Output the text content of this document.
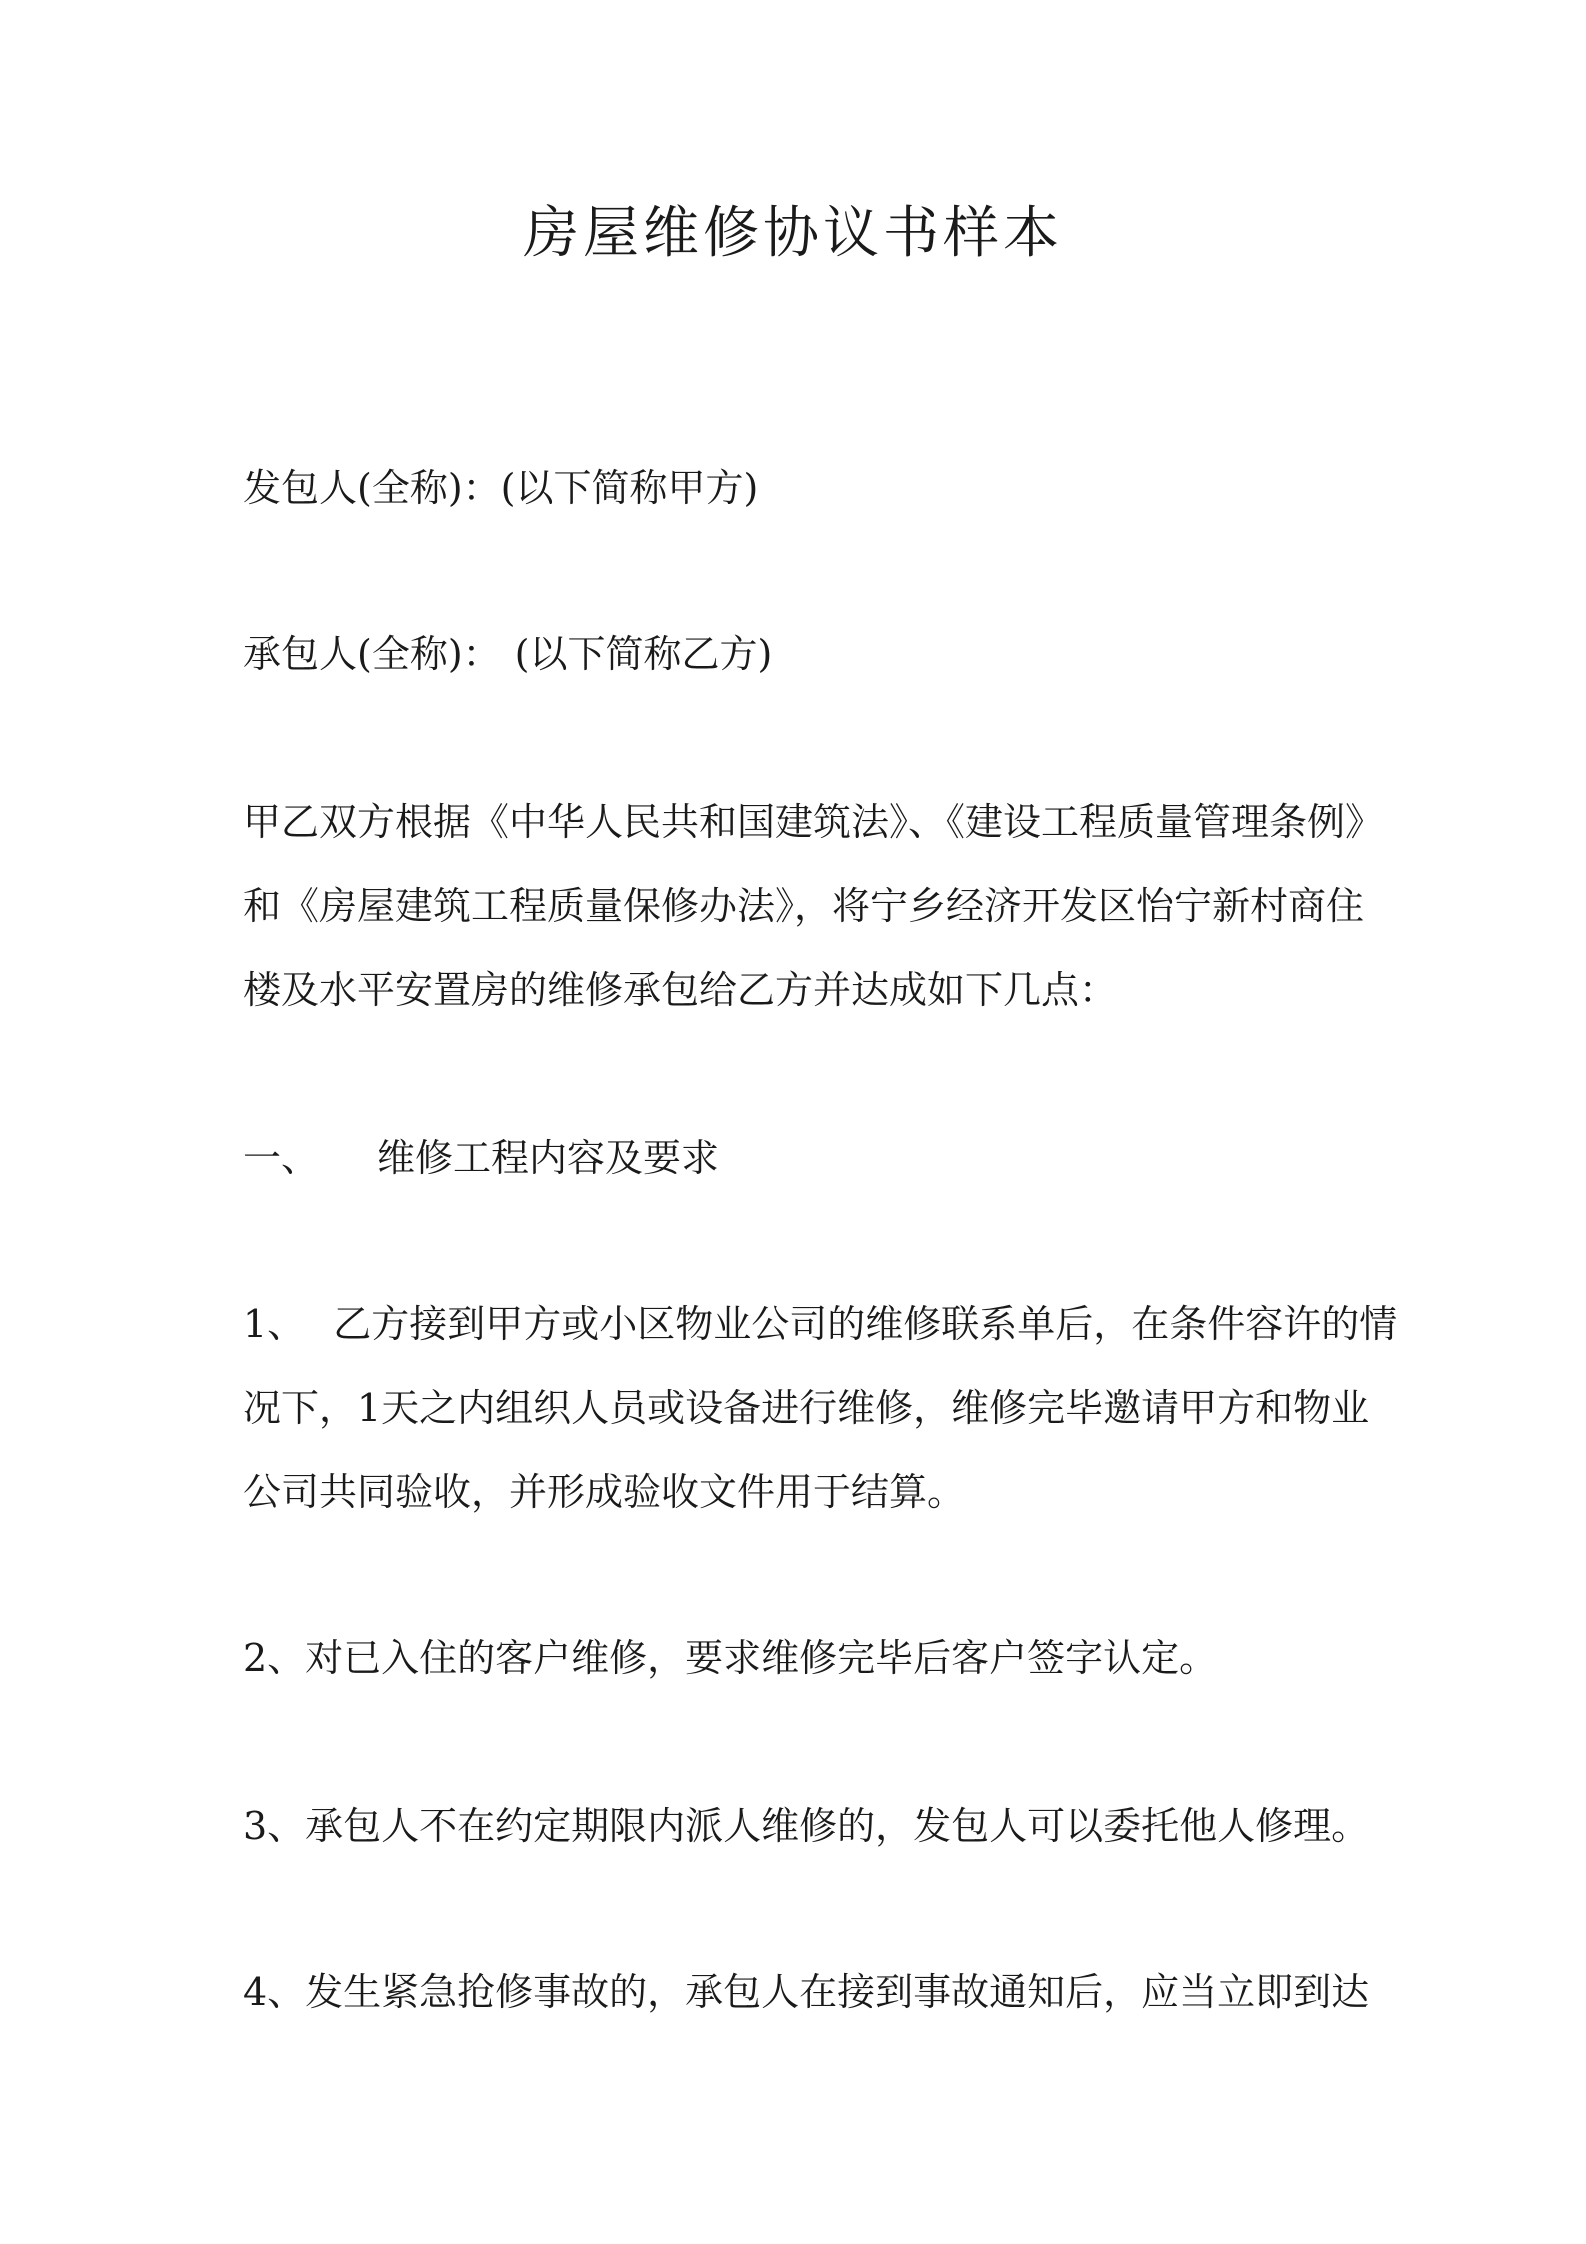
房屋维修协议书样本

发包人(全称)：(以下简称甲方)

承包人(全称)： (以下简称乙方)

甲乙双方根据《中华人民共和国建筑法》、《建设工程质量管理条例》
和《房屋建筑工程质量保修办法》，将宁乡经济开发区怡宁新村商住
楼及水平安置房的维修承包给乙方并达成如下几点：

一、 维修工程内容及要求

1、 乙方接到甲方或小区物业公司的维修联系单后，在条件容许的情
况下，1天之内组织人员或设备进行维修，维修完毕邀请甲方和物业
公司共同验收，并形成验收文件用于结算。

2、对已入住的客户维修，要求维修完毕后客户签字认定。

3、承包人不在约定期限内派人维修的，发包人可以委托他人修理。

4、发生紧急抢修事故的，承包人在接到事故通知后，应当立即到达
